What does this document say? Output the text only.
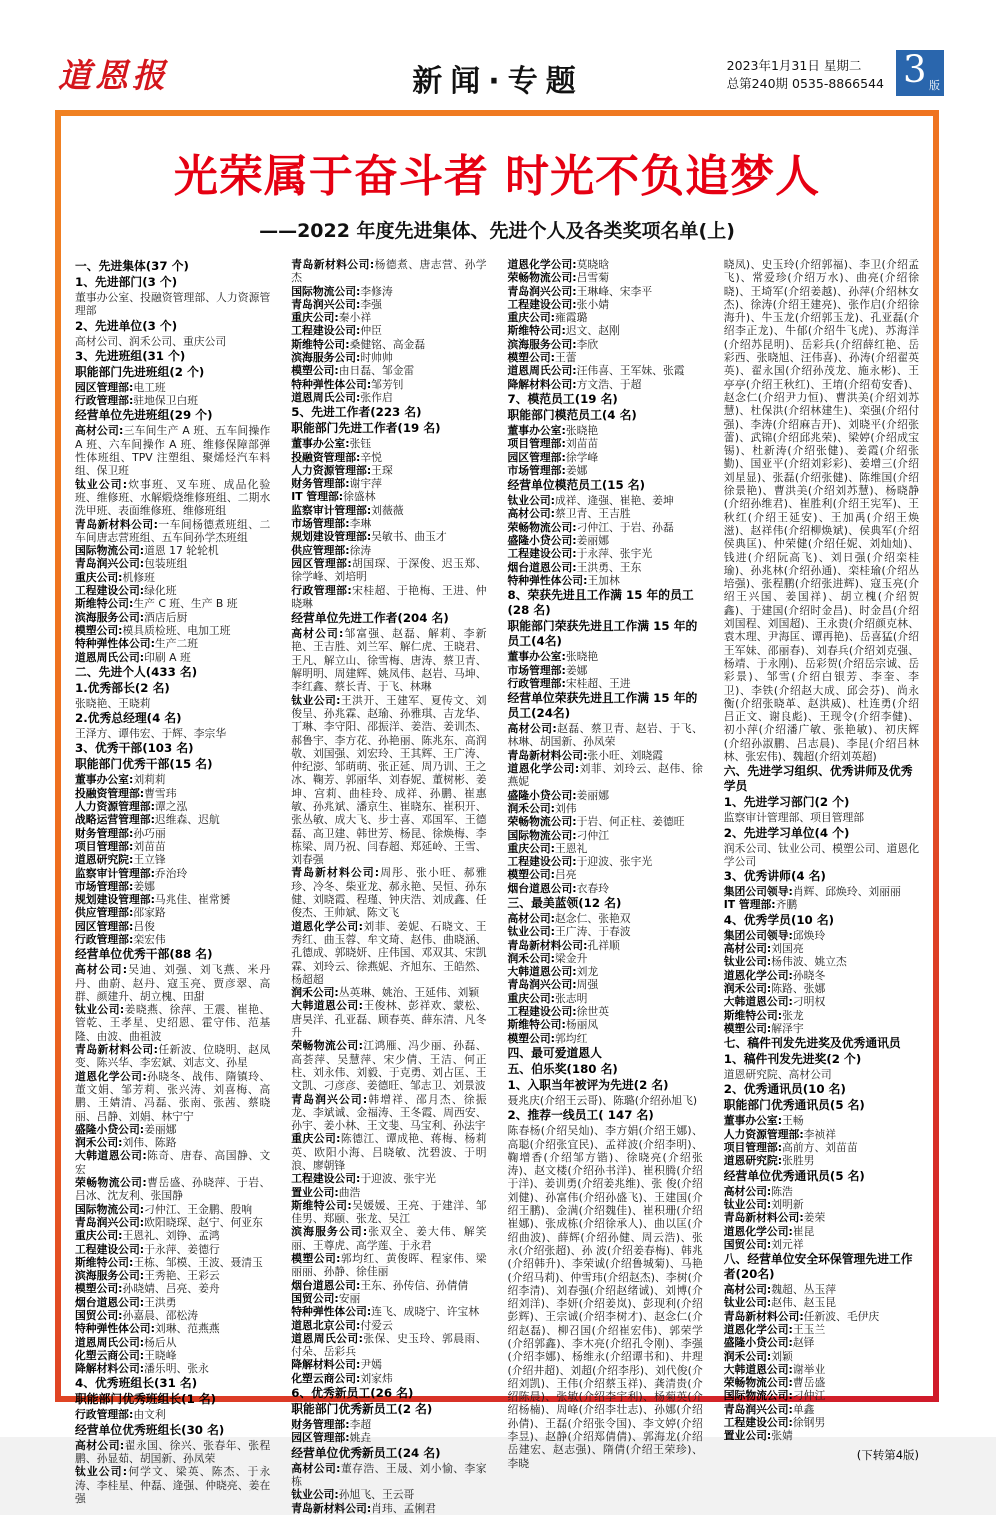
道恩报	新闻·专题	2023年1月31日 星期二
总第240期 0535-8866544 3 版
光荣属于奋斗者 时光不负追梦人
——2022 年度先进集体、先进个人及各类奖项名单(上)

一、先进集体(37 个)

1、先进部门(3 个)

董事办公室、投融资管理部、人力资源管理部

2、先进单位(3 个)

高材公司、润禾公司、重庆公司

3、先进班组(31 个)

职能部门先进班组(2 个)

园区管理部:电工班

行政管理部:驻地保卫白班

经营单位先进班组(29 个)

高材公司:三车间生产 A 班、五车间操作 A 班、六车间操作 A 班、维修保障部弹性体班组、TPV 注塑组、聚烯烃汽车料组、保卫班

钛业公司:炊事班、叉车班、成品化验班、维修班、水解煅烧维修班组、二期水洗甲班、表面维修班、维修班组

青岛新材料公司:一车间杨德煮班组、二车间唐志营班组、五车间孙学杰班组

国际物流公司:道恩 17 轮轮机

青岛润兴公司:包装班组

重庆公司:机修班

工程建设公司:绿化班

斯维特公司:生产 C 班、生产 B 班

滨海服务公司:酒店后厨

模塑公司:模具质检班、电加工班

特种弹性体公司:生产二班

道恩周氏公司:印刷 A 班

二、先进个人(433 名)

1.优秀部长(2 名)

张晓艳、王晓莉

2.优秀总经理(4 名)

王泽方、谭伟宏、于辉、李宗华

3、优秀干部(103 名)

职能部门优秀干部(15 名)

董事办公室:刘莉莉

投融资管理部:曹雪玮

人力资源管理部:谭之泓

战略运营管理部:迟维森、迟航

财务管理部:孙巧丽

项目管理部:刘苗苗

道恩研究院:王立锋

监察审计管理部:乔治玲

市场管理部:姜娜

规划建设管理部:马兆佳、崔常赟

供应管理部:邵家路

园区管理部:吕俊

行政管理部:栾宏伟

经营单位优秀干部(88 名)

高材公司:吴迪、刘强、刘飞燕、米丹丹、曲蔚、赵丹、寇玉亮、贾彦翠、高群、颜建升、胡立槐、田甜

钛业公司:姜晓燕、徐萍、王震、崔艳、管乾、王孝星、史绍恩、霍守伟、范基隆、由波、曲祖波

青岛新材料公司:任新波、位晓明、赵凤变、陈兴华、李宏斌、刘志文、孙星

道恩化学公司:孙晓冬、战伟、隋镇玲、董文娟、邹芳莉、张兴涛、刘喜梅、高鹏、王婧清、冯磊、张南、张茜、蔡晓丽、吕静、刘娟、林宁宁

盛隆小贷公司:姜丽娜

润禾公司:刘伟、陈路

大韩道恩公司:陈奇、唐春、高国静、文宏

荣畅物流公司:曹岳盛、孙晓萍、于岩、吕冰、沈友利、张国静

国际物流公司:刁仲江、王金鹏、殷响

青岛润兴公司:欧阳晓琛、赵宁、何亚东

重庆公司:王恩礼、刘铮、孟鸿

工程建设公司:于永萍、姜德行

斯维特公司:王栋、邹模、王波、聂清玉

滨海服务公司:王秀艳、王彩云

模塑公司:孙晓婧、吕亮、姜舟

烟台道恩公司:王洪勇

国贸公司:孙嘉晨、邵松涛

特种弹性体公司:刘琳、范燕燕

道恩周氏公司:杨后从

化塑云商公司:王晓峰

降解材料公司:潘乐明、张永

4、优秀班组长(31 名)

职能部门优秀班组长(1 名)

行政管理部:由文利

经营单位优秀班组长(30 名)

高材公司:翟永国、徐兴、张春年、张程鹏、孙显茹、胡国新、孙凤荣

钛业公司:何学文、梁英、陈杰、于永涛、李桂星、仲磊、逄强、仲晓亮、姜在强

青岛新材料公司:杨德煮、唐志营、孙学杰

国际物流公司:李修涛

青岛润兴公司:李强

重庆公司:秦小祥

工程建设公司:仲臣

斯维特公司:桑健铭、高金磊

滨海服务公司:时帅帅

模塑公司:由日磊、邹金雷

特种弹性体公司:邹芳钊

道恩周氏公司:张作启

5、先进工作者(223 名)

职能部门先进工作者(19 名)

董事办公室:张钰

投融资管理部:辛悦

人力资源管理部:王琛

财务管理部:谢宇萍

IT 管理部:徐盛林

监察审计管理部:刘薇薇

市场管理部:李琳

规划建设管理部:吴敏书、曲玉才

供应管理部:徐涛

园区管理部:胡国琛、于深俊、迟玉郑、徐学峰、刘培明

行政管理部:宋桂超、于艳梅、王进、仲晓琳

经营单位先进工作者(204 名)

高材公司:邹富强、赵磊、解莉、李新艳、王吉胜、刘兰军、解仁虎、王晓君、王凡、解立山、徐雪梅、唐涛、蔡卫青、解明明、周建辉、姚凤伟、赵岩、马坤、李红鑫、蔡长青、于飞、林琳

钛业公司:王洪开、王建军、夏传文、刘俊呈、孙兆霖、赵瑜、孙雅琪、吉龙华、丁琳、李守阳、邵振洋、姜浩、姜训杰、郝鲁宇、李方花、孙艳丽、陈兆东、高润敬、刘国强、刘宏玲、王其辉、王广涛、仲纪澎、邹萌萌、张正延、周乃训、王之冰、鞠芳、郭丽华、刘春妮、董树彬、姜坤、宫莉、曲桂玲、成祥、孙鹏、崔惠敏、孙兆斌、潘京生、崔晓东、崔积开、张丛敏、成大飞、步士喜、邓国军、王德磊、高卫建、韩世芳、杨昆、徐焕梅、李栋梁、周乃祝、闫春超、郑延岭、王雪、刘春强

青岛新材料公司:周彤、张小旺、郝雅珍、冷冬、柴亚龙、郝永艳、吴恒、孙东健、刘晓霞、程瑾、钟庆浩、刘成鑫、任俊杰、王帅斌、陈文飞

道恩化学公司:刘菲、姜妮、石晓文、王秀红、曲玉蓉、牟文琦、赵伟、曲晓涵、孔德成、郭晓妍、庄伟国、邓双其、宋凯霖、刘玲云、徐燕妮、齐旭东、王皓然、杨超超

润禾公司:丛英琳、姚治、王延伟、刘颖

大韩道恩公司:王俊林、彭祥欢、蒙松、唐昊洋、孔亚磊、顾春英、薛东清、凡冬升

荣畅物流公司:江鸿雁、冯少丽、孙磊、高荟萍、吴慧萍、宋少倩、王洁、何正柱、刘永伟、刘毅、于克勇、刘占匡、王文凯、刁彦彦、姜德旺、邹志卫、刘景波

青岛润兴公司:韩增祥、邵月杰、徐振龙、李斌诚、金福涛、王冬霞、周西安、孙宇、姜小林、王文斐、马宝利、孙法宇

重庆公司:陈德江、谭成艳、蒋梅、杨莉英、欧阳小海、吕晓敏、沈碧波、于明浪、廖朝锋

工程建设公司:于迎波、张宇光

置业公司:曲浩

斯维特公司:吴媛媛、王亮、于建洋、邹佳男、郑颐、张龙、吴江

滨海服务公司:张双全、姜大伟、解笑丽、王尊虎、高学莲、于永君

模塑公司:郭均红、黄俊晖、程家伟、梁丽丽、孙静、徐佳丽

烟台道恩公司:王东、孙传信、孙倩倩

国贸公司:安丽

特种弹性体公司:连飞、成晓宁、许宝林

道恩北京公司:付爱云

道恩周氏公司:张保、史玉玲、郭晨雨、付朵、岳彩兵

降解材料公司:尹嫣

化塑云商公司:刘家炜

6、优秀新员工(26 名)

职能部门优秀新员工(2 名)

财务管理部:李超

园区管理部:姚垚

经营单位优秀新员工(24 名)

高材公司:董存浩、王晟、刘小愉、李家栋

钛业公司:孙旭飞、王云哥

青岛新材料公司:肖玮、孟俐君

道恩化学公司:莫晓晗

荣畅物流公司:吕雪菊

青岛润兴公司:王琳峰、宋李平

工程建设公司:张小婧

重庆公司:雍霞璐

斯维特公司:迟文、赵刚

滨海服务公司:李欣

模塑公司:王蕾

道恩周氏公司:汪伟喜、王军妹、张霞

降解材料公司:方文浩、于超

7、模范员工(19 名)

职能部门模范员工(4 名)

董事办公室:张晓艳

项目管理部:刘苗苗

园区管理部:徐学峰

市场管理部:姜娜

经营单位模范员工(15 名)

钛业公司:成祥、逄强、崔艳、姜坤

高材公司:蔡卫青、王吉胜

荣畅物流公司:刁仲江、于岩、孙磊

盛隆小贷公司:姜丽娜

工程建设公司:于永萍、张宇光

烟台道恩公司:王洪勇、王东

特种弹性体公司:王加林

8、荣获先进且工作满 15 年的员工(28 名)

职能部门荣获先进且工作满 15 年的员工(4名)

董事办公室:张晓艳

市场管理部:姜娜

行政管理部:宋桂超、王进

经营单位荣获先进且工作满 15 年的员工(24名)

高材公司:赵磊、蔡卫青、赵岩、于飞、林琳、胡国新、孙凤荣

青岛新材料公司:张小旺、刘晓霞

道恩化学公司:刘菲、刘玲云、赵伟、徐燕妮

盛隆小贷公司:姜丽娜

润禾公司:刘伟

荣畅物流公司:于岩、何正柱、姜德旺

国际物流公司:刁仲江

重庆公司:王恩礼

工程建设公司:于迎波、张宇光

模塑公司:吕亮

烟台道恩公司:衣春玲

三、最美蓝领(12 名)

高材公司:赵念仁、张艳双

钛业公司:王广涛、于春波

青岛新材料公司:孔祥顺

润禾公司:梁金升

大韩道恩公司:刘龙

青岛润兴公司:周强

重庆公司:张志明

工程建设公司:徐世英

斯维特公司:杨丽凤

模塑公司:郭均红

四、最可爱道恩人

五、伯乐奖(180 名)

1、入职当年被评为先进(2 名)

聂兆庆(介绍王云哥)、陈璐(介绍孙旭飞)

2、推荐一线员工( 147 名)

陈春杨(介绍吴灿)、李方娟(介绍王娜)、高聪(介绍张宜民)、孟祥波(介绍李明)、鞠增香(介绍邹方锴)、徐晓亮(介绍张涛)、赵文楼(介绍孙书洋)、崔积腾(介绍于洋)、姜训勇(介绍姜兆维)、张 俊(介绍刘健)、孙富伟(介绍孙盛飞)、王建国(介绍王鹏)、金满(介绍魏佳)、崔积珊(介绍崔娜)、张成栋(介绍徐承人)、曲以匡(介绍曲波)、薛辉(介绍孙健、周云浩)、张永(介绍张超)、孙 波(介绍姜春梅)、韩兆(介绍韩升)、李荣诚(介绍鲁城菊)、马艳(介绍马莉)、仲雪玮(介绍赵杰)、李树(介绍李清)、刘春强(介绍赵绪诚)、刘博(介绍刘洋)、李妍(介绍姜岚)、彭现利(介绍彭辉)、王宗诚(介绍李树才)、赵念仁(介绍赵磊)、柳召国(介绍崔宏伟)、郭荣学(介绍郭鑫)、李木亮(介绍孔令刚)、李强(介绍李娜)、杨维永(介绍谭书和)、井理(介绍井超)、刘超(介绍李彤)、刘代俊(介绍刘凯)、王伟(介绍蔡玉祥)、龚清贵(介绍陈晨)、张敏(介绍李宇利)、杨菊英(介绍杨楠)、周峰(介绍李壮志)、孙娜(介绍孙倩)、王磊(介绍张令国)、李文婷(介绍李昱)、赵静(介绍郑倩倩)、郭海龙(介绍岳建宏、赵志强)、隋倩(介绍王荣珍)、李晓

晓凤)、史玉玲(介绍郭福)、李卫(介绍孟飞)、常爱珍(介绍万水)、曲亮(介绍徐晓)、王埼军(介绍姜越)、孙萍(介绍林女杰)、徐涛(介绍王建亮)、张作启(介绍徐海升)、牛玉龙(介绍郭玉龙)、孔亚磊(介绍李正龙)、牛郁(介绍牛飞虎)、苏海洋(介绍苏昆明)、岳彩兵(介绍薛红艳、岳彩西、张晓旭、汪伟喜)、孙涛(介绍翟英英)、翟永国(介绍孙茂龙、施永彬)、王亭亭(介绍王秋红)、王堉(介绍荀安香)、赵念仁(介绍尹力恒)、曹洪美(介绍刘苏慧)、杜保洪(介绍林建生)、栾强(介绍付强)、李涛(介绍麻吉开)、刘晓平(介绍张蕾)、武锦(介绍邱兆荣)、梁婷(介绍成宝锡)、杜新涛(介绍张健)、姜霞(介绍张勤)、国亚平(介绍刘彩彩)、姜增三(介绍刘星显)、张磊(介绍张健)、陈维国(介绍徐景艳)、曹洪美(介绍刘苏慧)、杨晓静(介绍孙维君)、崔胜利(介绍王宪军)、王秋红(介绍王延安)、王加禹(介绍王焕滋)、赵祥伟(介绍柳焕斌)、侯典军(介绍侯典匡)、仲荣健(介绍任妮、刘灿灿)、钱进(介绍阮高飞)、刘日强(介绍栾桂瑜)、孙兆林(介绍孙通)、栾桂瑜(介绍丛培强)、张程鹏(介绍张进辉)、寇玉亮(介绍王兴国、姜国祥)、胡立槐(介绍贺鑫)、于建国(介绍时金昌)、时金昌(介绍刘国程、刘国超)、王永贵(介绍颜克林、袁木理、尹海匡、谭再艳)、岳喜猛(介绍王军妹、邵丽春)、刘春兵(介绍刘克强、杨靖、于永刚)、岳彩贺(介绍岳宗诚、岳彩景)、邹雪(介绍白银芳、李奎、李卫)、李铁(介绍赵大成、邱会芬)、尚永衡(介绍张晓革、赵洪威)、杜连勇(介绍吕正文、谢良彪)、王现令(介绍李健)、初小萍(介绍潘广敏、张艳敏)、初庆辉(介绍孙淑鹏、吕志晨)、李昆(介绍吕林林、张宏伟)、魏超(介绍刘英超)

六、先进学习组织、优秀讲师及优秀学员

1、先进学习部门(2 个)

监察审计管理部、项目管理部

2、先进学习单位(4 个)

润禾公司、钛业公司、模塑公司、道恩化学公司

3、优秀讲师(4 名)

集团公司领导:肖辉、邱焕玲、刘丽丽

IT 管理部:齐鹏

4、优秀学员(10 名)

集团公司领导:邱焕玲

高材公司:刘国亮

钛业公司:杨伟波、姚立杰

道恩化学公司:孙晓冬

润禾公司:陈路、张娜

大韩道恩公司:刁明权

斯维特公司:张龙

模塑公司:解泽宇

七、稿件刊发先进奖及优秀通讯员

1、稿件刊发先进奖(2 个)

道恩研究院、高材公司

2、优秀通讯员(10 名)

职能部门优秀通讯员(5 名)

董事办公室:王畅

人力资源管理部:李祯祥

项目管理部:高前方、刘苗苗

道恩研究院:张胜男

经营单位优秀通讯员(5 名)

高材公司:陈浩

钛业公司:刘明新

青岛新材料公司:姜荣

道恩化学公司:崔昆

国贸公司:刘元祥

八、经营单位安全环保管理先进工作者(20名)

高材公司:魏超、丛玉萍

钛业公司:赵伟、赵玉昆

青岛新材料公司:任新波、毛伊庆

道恩化学公司:王玉兰

盛隆小贷公司:赵铎

润禾公司:刘颖

大韩道恩公司:谢举业

荣畅物流公司:曹岳盛

国际物流公司:刁仲江

青岛润兴公司:单鑫

工程建设公司:徐钢男

置业公司:张婧

(下转第4版)
